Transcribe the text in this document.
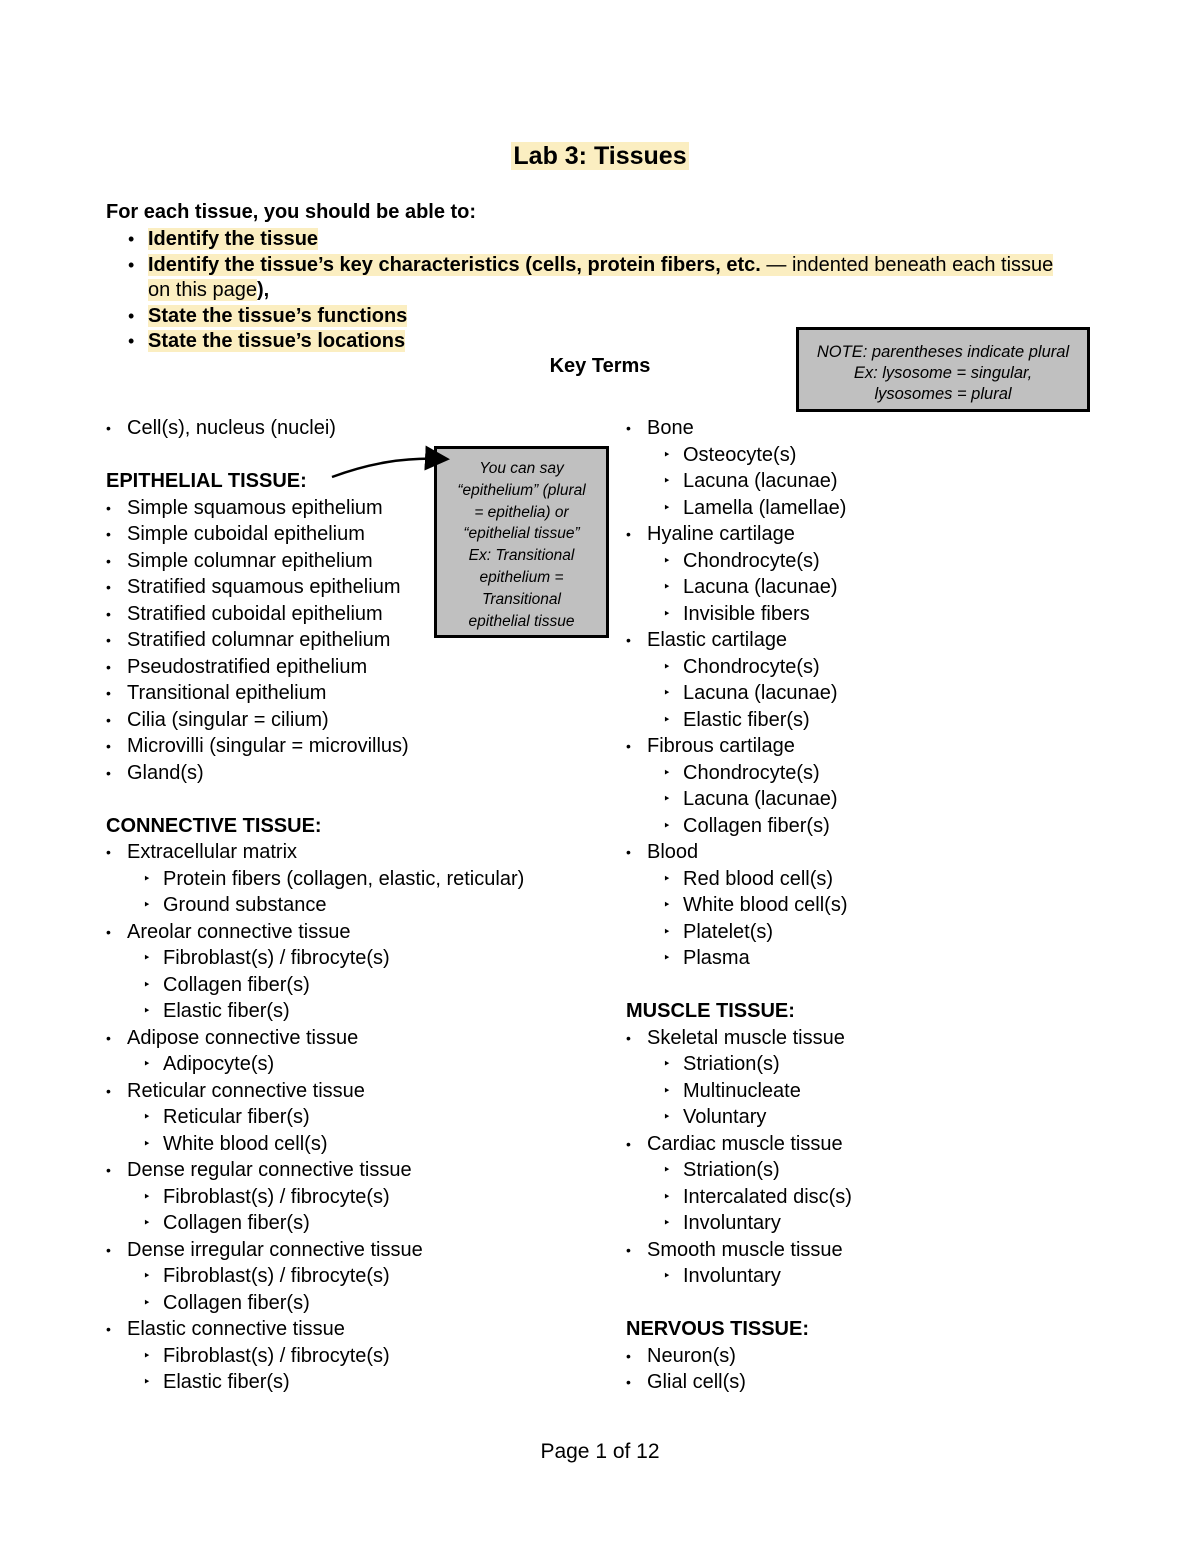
Lab 3: Tissues
For each tissue, you should be able to:
• Identify the tissue
• Identify the tissue’s key characteristics (cells, protein fibers, etc. — indented beneath each tissue on this page),
• State the tissue’s functions
• State the tissue’s locations
Key Terms
NOTE: parentheses indicate plural
Ex: lysosome = singular,
lysosomes = plural
• Cell(s), nucleus (nuclei)
EPITHELIAL TISSUE:
• Simple squamous epithelium
• Simple cuboidal epithelium
• Simple columnar epithelium
• Stratified squamous epithelium
• Stratified cuboidal epithelium
• Stratified columnar epithelium
• Pseudostratified epithelium
• Transitional epithelium
• Cilia (singular = cilium)
• Microvilli (singular = microvillus)
• Gland(s)
CONNECTIVE TISSUE:
• Extracellular matrix
‣ Protein fibers (collagen, elastic, reticular)
‣ Ground substance
• Areolar connective tissue
‣ Fibroblast(s) / fibrocyte(s)
‣ Collagen fiber(s)
‣ Elastic fiber(s)
• Adipose connective tissue
‣ Adipocyte(s)
• Reticular connective tissue
‣ Reticular fiber(s)
‣ White blood cell(s)
• Dense regular connective tissue
‣ Fibroblast(s) / fibrocyte(s)
‣ Collagen fiber(s)
• Dense irregular connective tissue
‣ Fibroblast(s) / fibrocyte(s)
‣ Collagen fiber(s)
• Elastic connective tissue
‣ Fibroblast(s) / fibrocyte(s)
‣ Elastic fiber(s)
• Bone
‣ Osteocyte(s)
‣ Lacuna (lacunae)
‣ Lamella (lamellae)
• Hyaline cartilage
‣ Chondrocyte(s)
‣ Lacuna (lacunae)
‣ Invisible fibers
• Elastic cartilage
‣ Chondrocyte(s)
‣ Lacuna (lacunae)
‣ Elastic fiber(s)
• Fibrous cartilage
‣ Chondrocyte(s)
‣ Lacuna (lacunae)
‣ Collagen fiber(s)
• Blood
‣ Red blood cell(s)
‣ White blood cell(s)
‣ Platelet(s)
‣ Plasma
MUSCLE TISSUE:
• Skeletal muscle tissue
‣ Striation(s)
‣ Multinucleate
‣ Voluntary
• Cardiac muscle tissue
‣ Striation(s)
‣ Intercalated disc(s)
‣ Involuntary
• Smooth muscle tissue
‣ Involuntary
NERVOUS TISSUE:
• Neuron(s)
• Glial cell(s)
You can say
“epithelium” (plural
= epithelia) or
“epithelial tissue”
Ex: Transitional
epithelium =
Transitional
epithelial tissue
Page 1 of 12
